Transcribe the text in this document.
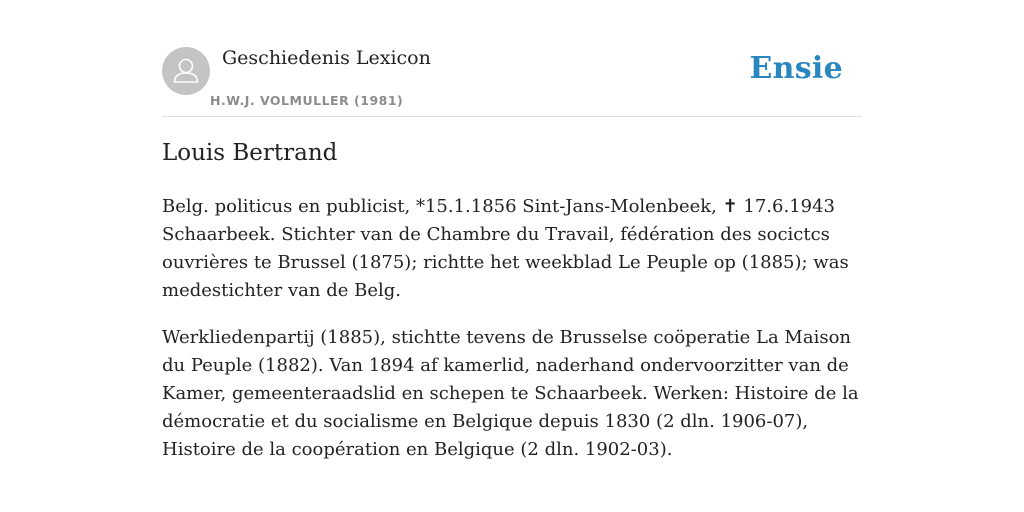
Geschiedenis Lexicon
H.W.J. VOLMULLER (1981)
Ensie
Louis Bertrand

Belg. politicus en publicist, *15.1.1856 Sint-Jans-Molenbeek, ✝ 17.6.1943 Schaarbeek. Stichter van de Chambre du Travail, fédération des socictcs ouvrières te Brussel (1875); richtte het weekblad Le Peuple op (1885); was medestichter van de Belg.

Werkliedenpartij (1885), stichtte tevens de Brusselse coöperatie La Maison du Peuple (1882). Van 1894 af kamerlid, naderhand ondervoorzitter van de Kamer, gemeenteraadslid en schepen te Schaarbeek. Werken: Histoire de la démocratie et du socialisme en Belgique depuis 1830 (2 dln. 1906-07), Histoire de la coopération en Belgique (2 dln. 1902-03).
